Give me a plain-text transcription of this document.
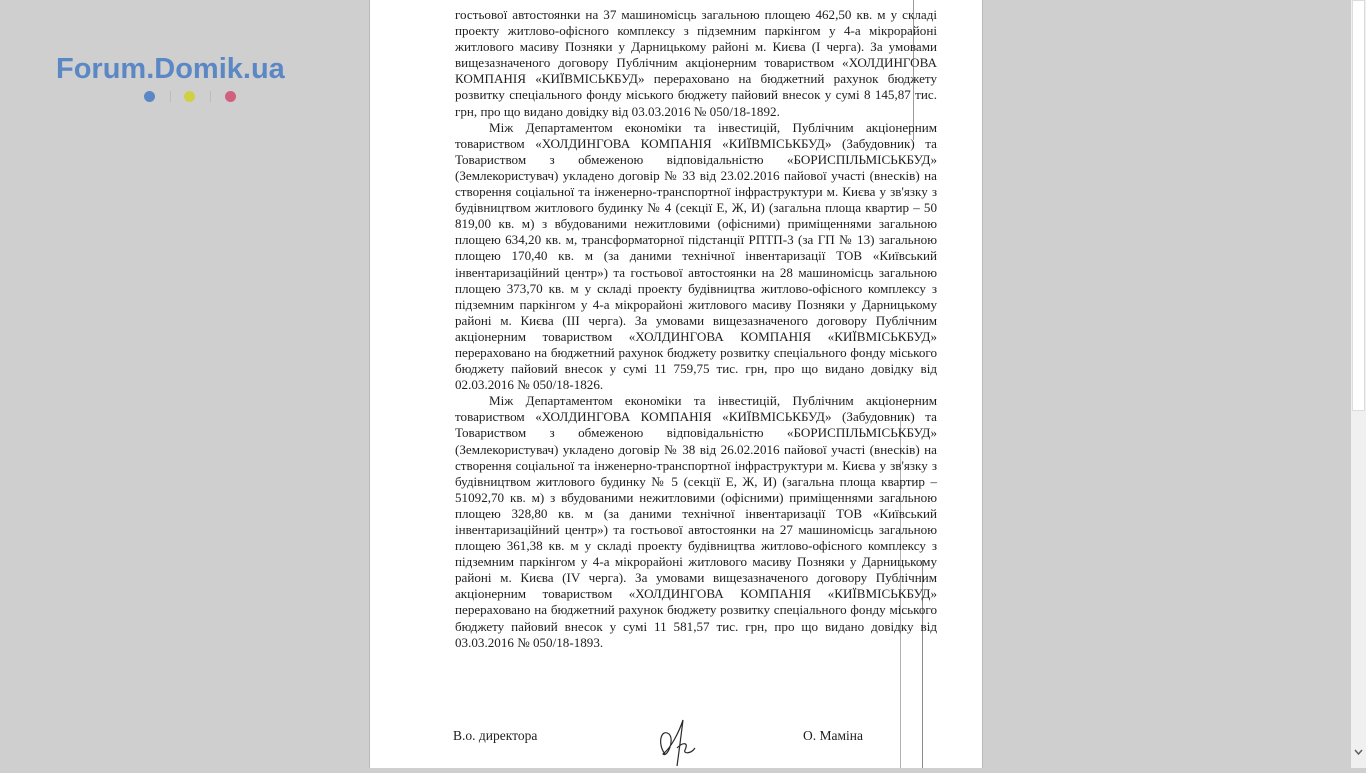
Forum.Domik.ua

гостьової автостоянки на 37 машиномісць загальною площею 462,50 кв. м у складі проекту житлово-офісного комплексу з підземним паркінгом у 4-а мікрорайоні житлового масиву Позняки у Дарницькому районі м. Києва (І черга). За умовами вищезазначеного договору Публічним акціонерним товариством «ХОЛДИНГОВА КОМПАНІЯ «КИЇВМІСЬКБУД» перераховано на бюджетний рахунок бюджету розвитку спеціального фонду міського бюджету пайовий внесок у сумі 8 145,87 тис. грн, про що видано довідку від 03.03.2016 № 050/18-1892.

Між Департаментом економіки та інвестицій, Публічним акціонерним товариством «ХОЛДИНГОВА КОМПАНІЯ «КИЇВМІСЬКБУД» (Забудовник) та Товариством з обмеженою відповідальністю «БОРИСПІЛЬМІСЬКБУД» (Землекористувач) укладено договір № 33 від 23.02.2016 пайової участі (внесків) на створення соціальної та інженерно-транспортної інфраструктури м. Києва у зв'язку з будівництвом житлового будинку № 4 (секції Е, Ж, И) (загальна площа квартир – 50 819,00 кв. м) з вбудованими нежитловими (офісними) приміщеннями загальною площею 634,20 кв. м, трансформаторної підстанції РПТП-3 (за ГП № 13) загальною площею 170,40 кв. м (за даними технічної інвентаризації ТОВ «Київський інвентаризаційний центр») та гостьової автостоянки на 28 машиномісць загальною площею 373,70 кв. м у складі проекту будівництва житлово-офісного комплексу з підземним паркінгом у 4-а мікрорайоні житлового масиву Позняки у Дарницькому районі м. Києва (ІІІ черга). За умовами вищезазначеного договору Публічним акціонерним товариством «ХОЛДИНГОВА КОМПАНІЯ «КИЇВМІСЬКБУД» перераховано на бюджетний рахунок бюджету розвитку спеціального фонду міського бюджету пайовий внесок у сумі 11 759,75 тис. грн, про що видано довідку від 02.03.2016 № 050/18-1826.

Між Департаментом економіки та інвестицій, Публічним акціонерним товариством «ХОЛДИНГОВА КОМПАНІЯ «КИЇВМІСЬКБУД» (Забудовник) та Товариством з обмеженою відповідальністю «БОРИСПІЛЬМІСЬКБУД» (Землекористувач) укладено договір № 38 від 26.02.2016 пайової участі (внесків) на створення соціальної та інженерно-транспортної інфраструктури м. Києва у зв'язку з будівництвом житлового будинку № 5 (секції Е, Ж, И) (загальна площа квартир – 51092,70 кв. м) з вбудованими нежитловими (офісними) приміщеннями загальною площею 328,80 кв. м (за даними технічної інвентаризації ТОВ «Київський інвентаризаційний центр») та гостьової автостоянки на 27 машиномісць загальною площею 361,38 кв. м у складі проекту будівництва житлово-офісного комплексу з підземним паркінгом у 4-а мікрорайоні житлового масиву Позняки у Дарницькому районі м. Києва (IV черга). За умовами вищезазначеного договору Публічним акціонерним товариством «ХОЛДИНГОВА КОМПАНІЯ «КИЇВМІСЬКБУД» перераховано на бюджетний рахунок бюджету розвитку спеціального фонду міського бюджету пайовий внесок у сумі 11 581,57 тис. грн, про що видано довідку від 03.03.2016 № 050/18-1893.

В.о. директора	О. Маміна
